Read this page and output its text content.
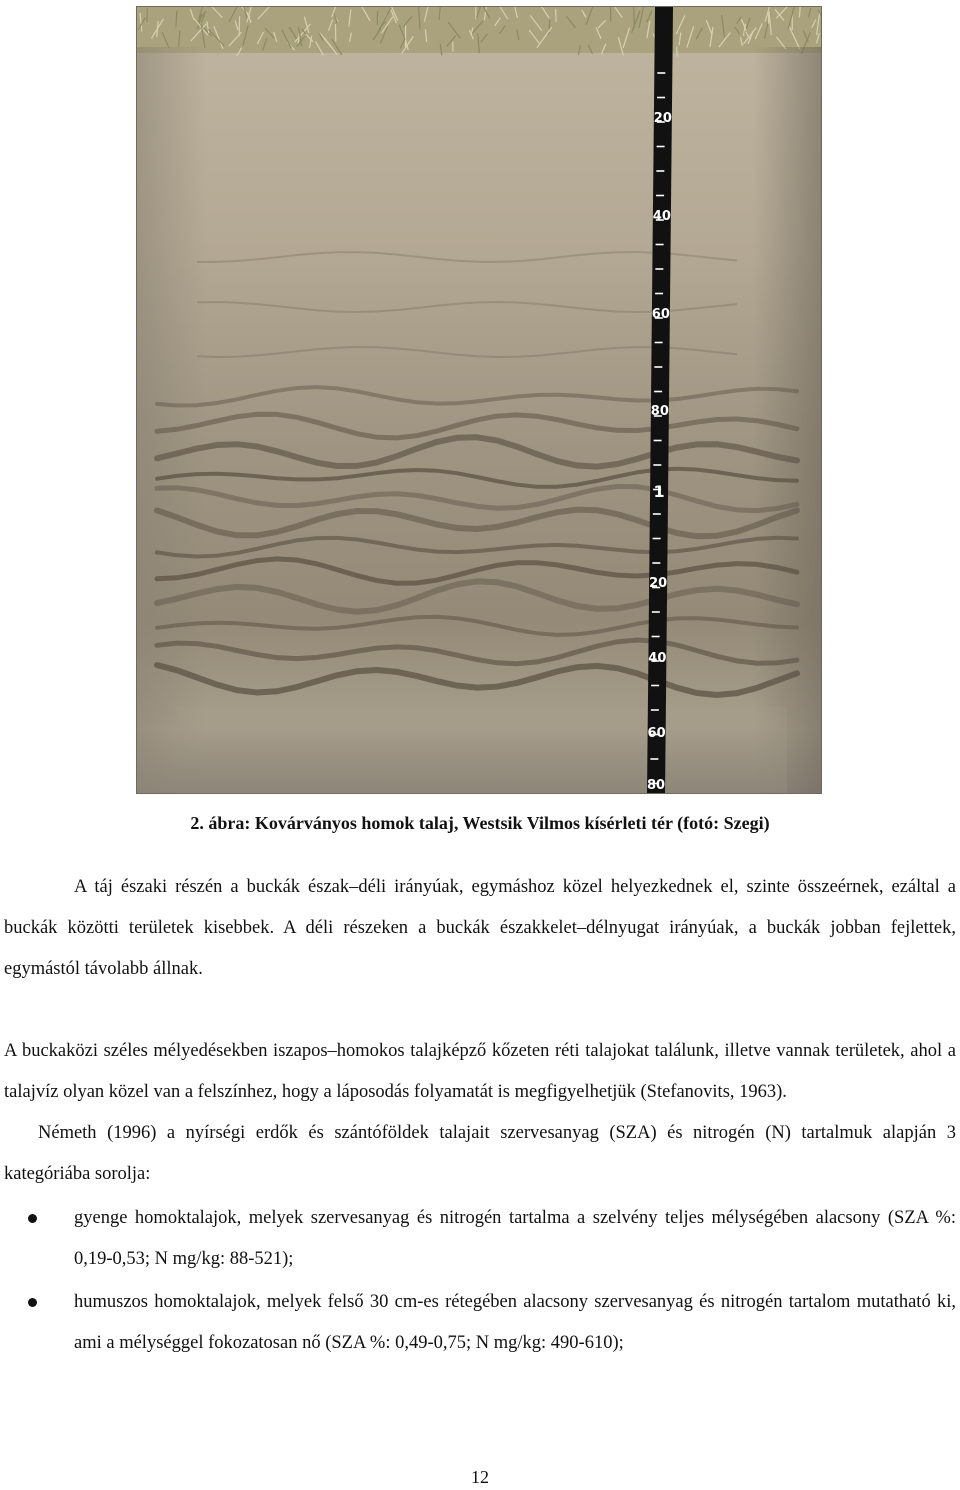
20
40
60
80
1
20
40
60
80
2. ábra: Kovárványos homok talaj, Westsik Vilmos kísérleti tér (fotó: Szegi)

A táj északi részén a buckák észak–déli irányúak, egymáshoz közel helyezkednek el, szinte összeérnek, ezáltal a buckák közötti területek kisebbek. A déli részeken a buckák északkelet–délnyugat irányúak, a buckák jobban fejlettek, egymástól távolabb állnak.

A buckaközi széles mélyedésekben iszapos–homokos talajképző kőzeten réti talajokat találunk, illetve vannak területek, ahol a talajvíz olyan közel van a felszínhez, hogy a láposodás folyamatát is megfigyelhetjük (Stefanovits, 1963).

Németh (1996) a nyírségi erdők és szántóföldek talajait szervesanyag (SZA) és nitrogén (N) tartalmuk alapján 3 kategóriába sorolja:

gyenge homoktalajok, melyek szervesanyag és nitrogén tartalma a szelvény teljes mélységében alacsony (SZA %: 0,19-0,53; N mg/kg: 88-521);

humuszos homoktalajok, melyek felső 30 cm-es rétegében alacsony szervesanyag és nitrogén tartalom mutatható ki, ami a mélységgel fokozatosan nő (SZA %: 0,49-0,75; N mg/kg: 490-610);

12
